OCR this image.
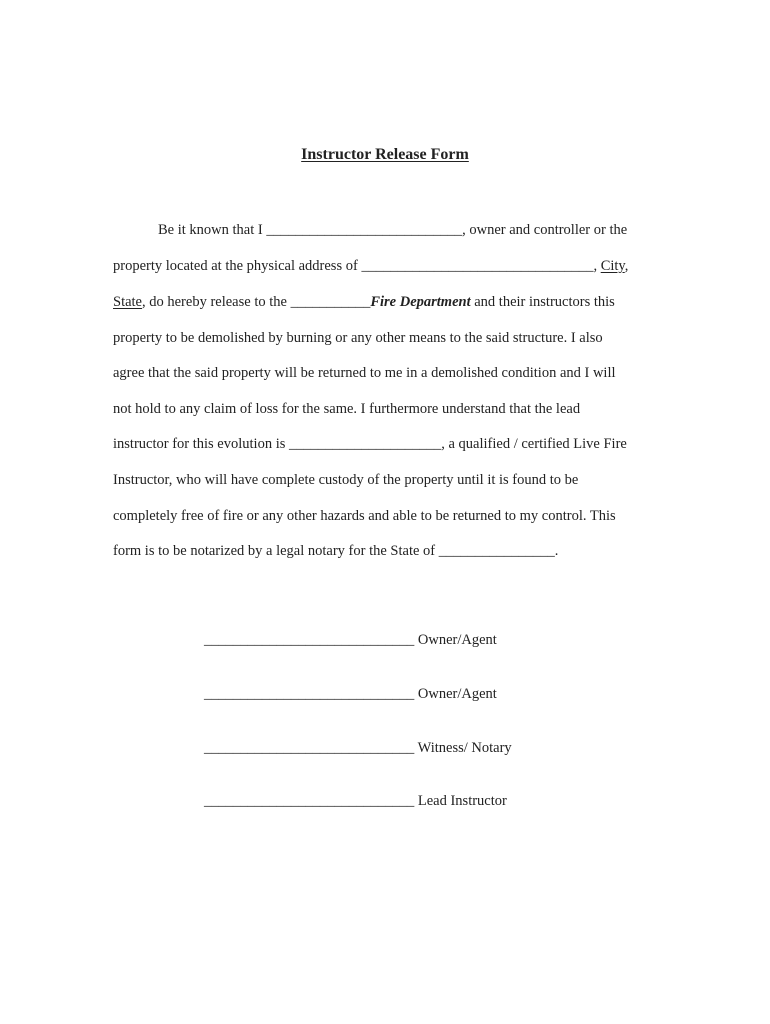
Instructor Release Form
Be it known that I ___________________________, owner and controller or the
property located at the physical address of ________________________________, City,
State, do hereby release to the ___________Fire Department and their instructors this
property to be demolished by burning or any other means to the said structure. I also
agree that the said property will be returned to me in a demolished condition and I will
not hold to any claim of loss for the same. I furthermore understand that the lead
instructor for this evolution is _____________________, a qualified / certified Live Fire
Instructor, who will have complete custody of the property until it is found to be
completely free of fire or any other hazards and able to be returned to my control. This
form is to be notarized by a legal notary for the State of ________________.
_____________________________ Owner/Agent
_____________________________ Owner/Agent
_____________________________ Witness/ Notary
_____________________________ Lead Instructor
